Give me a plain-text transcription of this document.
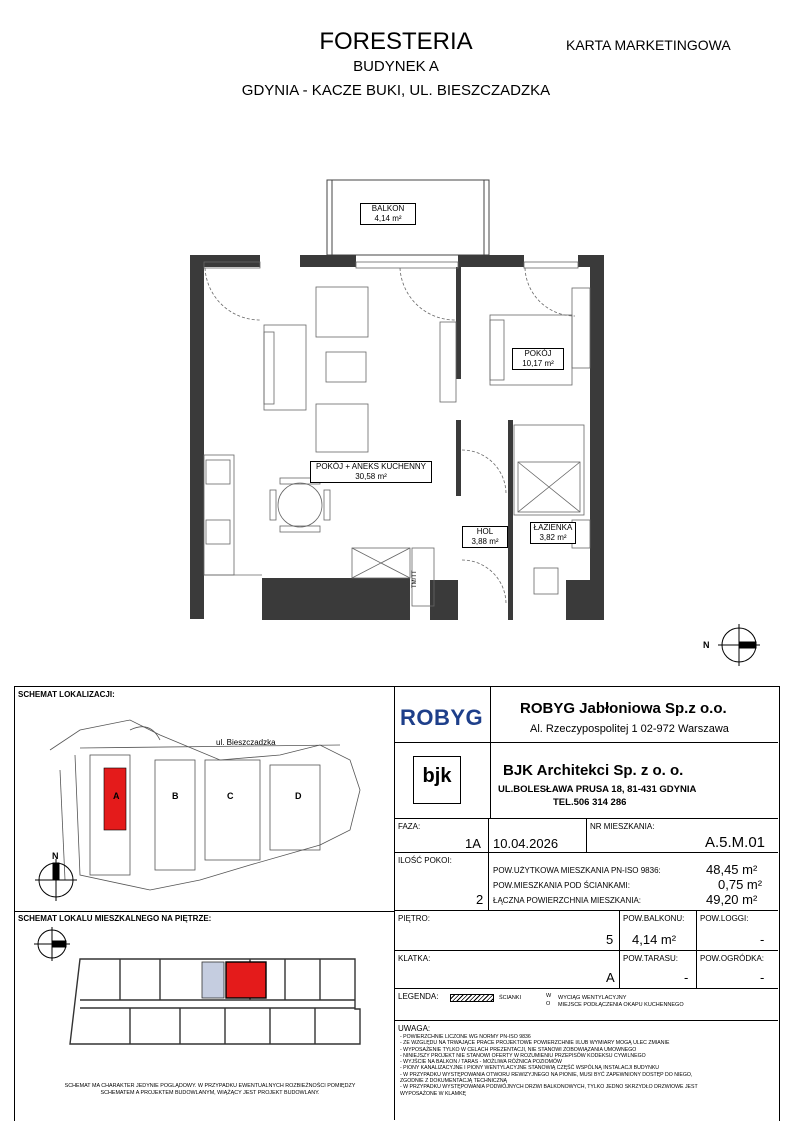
FORESTERIA
BUDYNEK A
GDYNIA - KACZE BUKI, UL. BIESZCZADZKA
KARTA MARKETINGOWA
BALKON
4,14 m²
POKÓJ + ANEKS KUCHENNY
30,58 m²
POKÓJ
10,17 m²
HOL
3,88 m²
ŁAZIENKA
3,82 m²
TM/TT
N
SCHEMAT LOKALIZACJI:
ul. Bieszczadzka
A	B	C	D
N
SCHEMAT LOKALU MIESZKALNEGO NA PIĘTRZE:
SCHEMAT MA CHARAKTER JEDYNIE POGLĄDOWY. W PRZYPADKU EWENTUALNYCH ROZBIEŻNOŚCI POMIĘDZY SCHEMATEM A PROJEKTEM BUDOWLANYM, WIĄŻĄCY JEST PROJEKT BUDOWLANY.
ROBYG ROBYG Jabłoniowa Sp.z o.o.
Al. Rzeczypospolitej 1 02-972 Warszawa
bjk	BJK Architekci Sp. z o. o.
UL.BOLESŁAWA PRUSA 18, 81-431 GDYNIA
TEL.506 314 286
FAZA:
1A 10.04.2026
NR MIESZKANIA:
A.5.M.01
ILOŚĆ POKOI:
2
POW.UŻYTKOWA MIESZKANIA PN-ISO 9836:	48,45 m²
POW.MIESZKANIA POD ŚCIANKAMI:	0,75 m²
ŁĄCZNA POWIERZCHNIA MIESZKANIA:	49,20 m²
PIĘTRO:
5
POW.BALKONU:
4,14 m²
POW.LOGGI:
-
KLATKA:
A
POW.TARASU:
-
POW.OGRÓDKA:
-
LEGENDA:	ŚCIANKI	W
O
WYCIĄG WENTYLACYJNY
MIEJSCE PODŁĄCZENIA OKAPU KUCHENNEGO
UWAGA:
- POWIERZCHNIE LICZONE WG NORMY PN-ISO 9836
- ZE WZGLĘDU NA TRWAJĄCE PRACE PROJEKTOWE POWIERZCHNIE I/LUB WYMIARY MOGĄ ULEC ZMIANIE
- WYPOSAŻENIE TYLKO W CELACH PREZENTACJI, NIE STANOWI ZOBOWIĄZANIA UMOWNEGO
- NINIEJSZY PROJEKT NIE STANOWI OFERTY W ROZUMIENIU PRZEPISÓW KODEKSU CYWILNEGO
- WYJŚCIE NA BALKON / TARAS - MOŻLIWA RÓŻNICA POZIOMÓW
- PIONY KANALIZACYJNE I PIONY WENTYLACYJNE STANOWIĄ CZĘŚĆ WSPÓLNĄ INSTALACJI BUDYNKU
- W PRZYPADKU WYSTĘPOWANIA OTWORU REWIZYJNEGO NA PIONIE, MUSI BYĆ ZAPEWNIONY DOSTĘP DO NIEGO, ZGODNIE Z DOKUMENTACJĄ TECHNICZNĄ
- W PRZYPADKU WYSTĘPOWANIA PODWÓJNYCH DRZWI BALKONOWYCH, TYLKO JEDNO SKRZYDŁO DRZWIOWE JEST WYPOSAŻONE W KLAMKĘ
